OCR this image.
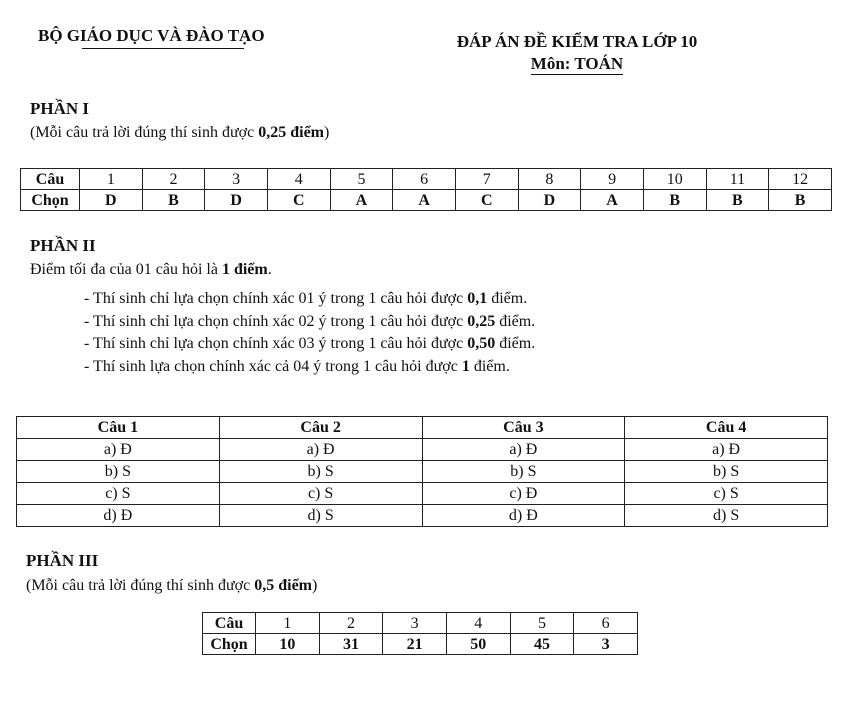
BỘ GIÁO DỤC VÀ ĐÀO TẠO	ĐÁP ÁN ĐỀ KIỂM TRA LỚP 10
Môn: TOÁN
PHẦN I
(Mỗi câu trả lời đúng thí sinh được 0,25 điểm)
Câu	1	2	3	4	5	6	7	8	9	10	11	12
Chọn	D	B	D	C	A	A	C	D	A	B	B	B
PHẦN II
Điểm tối đa của 01 câu hỏi là 1 điểm.
- Thí sinh chỉ lựa chọn chính xác 01 ý trong 1 câu hỏi được 0,1 điểm.
- Thí sinh chỉ lựa chọn chính xác 02 ý trong 1 câu hỏi được 0,25 điểm.
- Thí sinh chỉ lựa chọn chính xác 03 ý trong 1 câu hỏi được 0,50 điểm.
- Thí sinh lựa chọn chính xác cả 04 ý trong 1 câu hỏi được 1 điểm.
Câu 1	Câu 2	Câu 3	Câu 4
a) Đ	a) Đ	a) Đ	a) Đ
b) S	b) S	b) S	b) S
c) S	c) S	c) Đ	c) S
d) Đ	d) S	d) Đ	d) S
PHẦN III
(Mỗi câu trả lời đúng thí sinh được 0,5 điểm)
Câu	1	2	3	4	5	6
Chọn	10	31	21	50	45	3
